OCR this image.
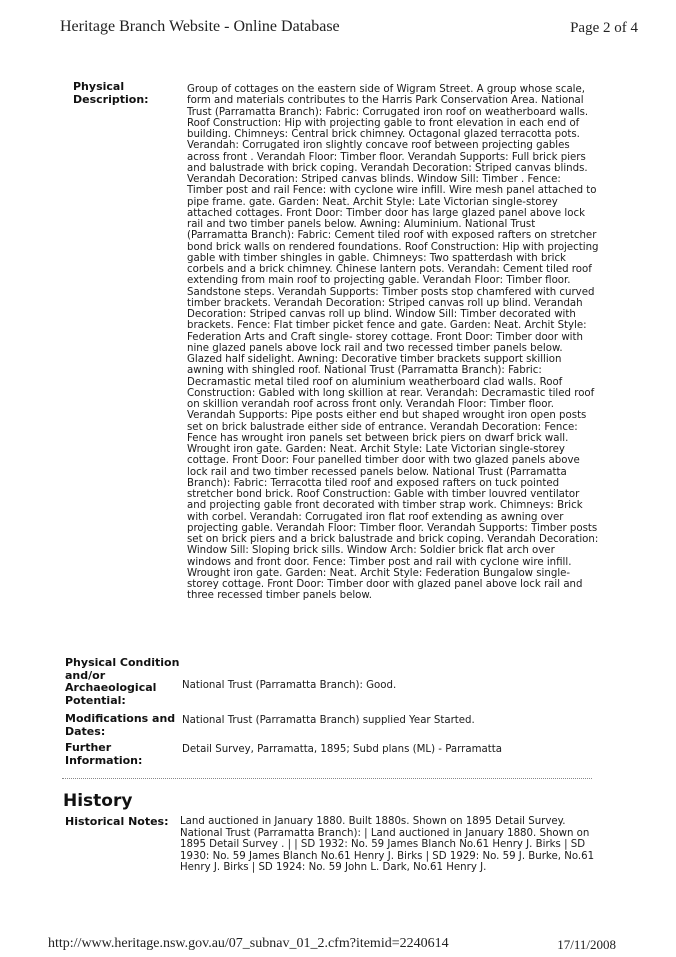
Heritage Branch Website - Online Database	Page 2 of 4
Physical Description:
Group of cottages on the eastern side of Wigram Street. A group whose scale, form and materials contributes to the Harris Park Conservation Area. National Trust (Parramatta Branch): Fabric: Corrugated iron roof on weatherboard walls. Roof Construction: Hip with projecting gable to front elevation in each end of building. Chimneys: Central brick chimney. Octagonal glazed terracotta pots. Verandah: Corrugated iron slightly concave roof between projecting gables across front . Verandah Floor: Timber floor. Verandah Supports: Full brick piers and balustrade with brick coping. Verandah Decoration: Striped canvas blinds. Verandah Decoration: Striped canvas blinds. Window Sill: Timber . Fence: Timber post and rail Fence: with cyclone wire infill. Wire mesh panel attached to pipe frame. gate. Garden: Neat. Archit Style: Late Victorian single-storey attached cottages. Front Door: Timber door has large glazed panel above lock rail and two timber panels below. Awning: Aluminium. National Trust (Parramatta Branch): Fabric: Cement tiled roof with exposed rafters on stretcher bond brick walls on rendered foundations. Roof Construction: Hip with projecting gable with timber shingles in gable. Chimneys: Two spatterdash with brick corbels and a brick chimney. Chinese lantern pots. Verandah: Cement tiled roof extending from main roof to projecting gable. Verandah Floor: Timber floor. Sandstone steps. Verandah Supports: Timber posts stop chamfered with curved timber brackets. Verandah Decoration: Striped canvas roll up blind. Verandah Decoration: Striped canvas roll up blind. Window Sill: Timber decorated with brackets. Fence: Flat timber picket fence and gate. Garden: Neat. Archit Style: Federation Arts and Craft single- storey cottage. Front Door: Timber door with nine glazed panels above lock rail and two recessed timber panels below. Glazed half sidelight. Awning: Decorative timber brackets support skillion awning with shingled roof. National Trust (Parramatta Branch): Fabric: Decramastic metal tiled roof on aluminium weatherboard clad walls. Roof Construction: Gabled with long skillion at rear. Verandah: Decramastic tiled roof on skillion verandah roof across front only. Verandah Floor: Timber floor. Verandah Supports: Pipe posts either end but shaped wrought iron open posts set on brick balustrade either side of entrance. Verandah Decoration: Fence: Fence has wrought iron panels set between brick piers on dwarf brick wall. Wrought iron gate. Garden: Neat. Archit Style: Late Victorian single-storey cottage. Front Door: Four panelled timber door with two glazed panels above lock rail and two timber recessed panels below. National Trust (Parramatta Branch): Fabric: Terracotta tiled roof and exposed rafters on tuck pointed stretcher bond brick. Roof Construction: Gable with timber louvred ventilator and projecting gable front decorated with timber strap work. Chimneys: Brick with corbel. Verandah: Corrugated iron flat roof extending as awning over projecting gable. Verandah Floor: Timber floor. Verandah Supports: Timber posts set on brick piers and a brick balustrade and brick coping. Verandah Decoration: Window Sill: Sloping brick sills. Window Arch: Soldier brick flat arch over windows and front door. Fence: Timber post and rail with cyclone wire infill. Wrought iron gate. Garden: Neat. Archit Style: Federation Bungalow single-storey cottage. Front Door: Timber door with glazed panel above lock rail and three recessed timber panels below.
Physical Condition and/or Archaeological Potential:
National Trust (Parramatta Branch): Good.
Modifications and Dates:
National Trust (Parramatta Branch) supplied Year Started.
Further Information:
Detail Survey, Parramatta, 1895; Subd plans (ML) - Parramatta
History
Historical Notes:	Land auctioned in January 1880. Built 1880s. Shown on 1895 Detail Survey. National Trust (Parramatta Branch): | Land auctioned in January 1880. Shown on 1895 Detail Survey . | | SD 1932: No. 59 James Blanch No.61 Henry J. Birks | SD 1930: No. 59 James Blanch No.61 Henry J. Birks | SD 1929: No. 59 J. Burke, No.61 Henry J. Birks | SD 1924: No. 59 John L. Dark, No.61 Henry J.
http://www.heritage.nsw.gov.au/07_subnav_01_2.cfm?itemid=2240614	17/11/2008
